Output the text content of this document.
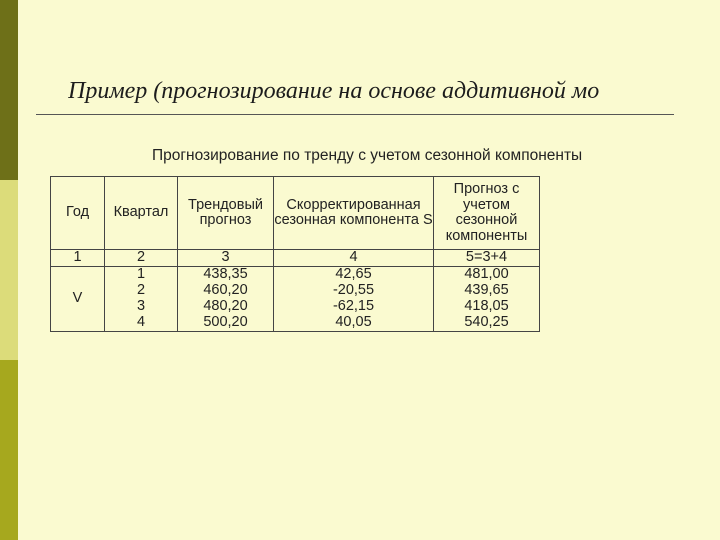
Пример (прогнозирование на основе аддитивной мо
Прогнозирование по тренду с учетом сезонной компоненты
Год	Квартал	Трендовый прогноз	Скорректированная сезонная компонента S	Прогноз с учетом сезонной компоненты
1	2	3	4	5=3+4
V	1	438,35	42,65	481,00
	2	460,20	-20,55	439,65
	3	480,20	-62,15	418,05
	4	500,20	40,05	540,25
